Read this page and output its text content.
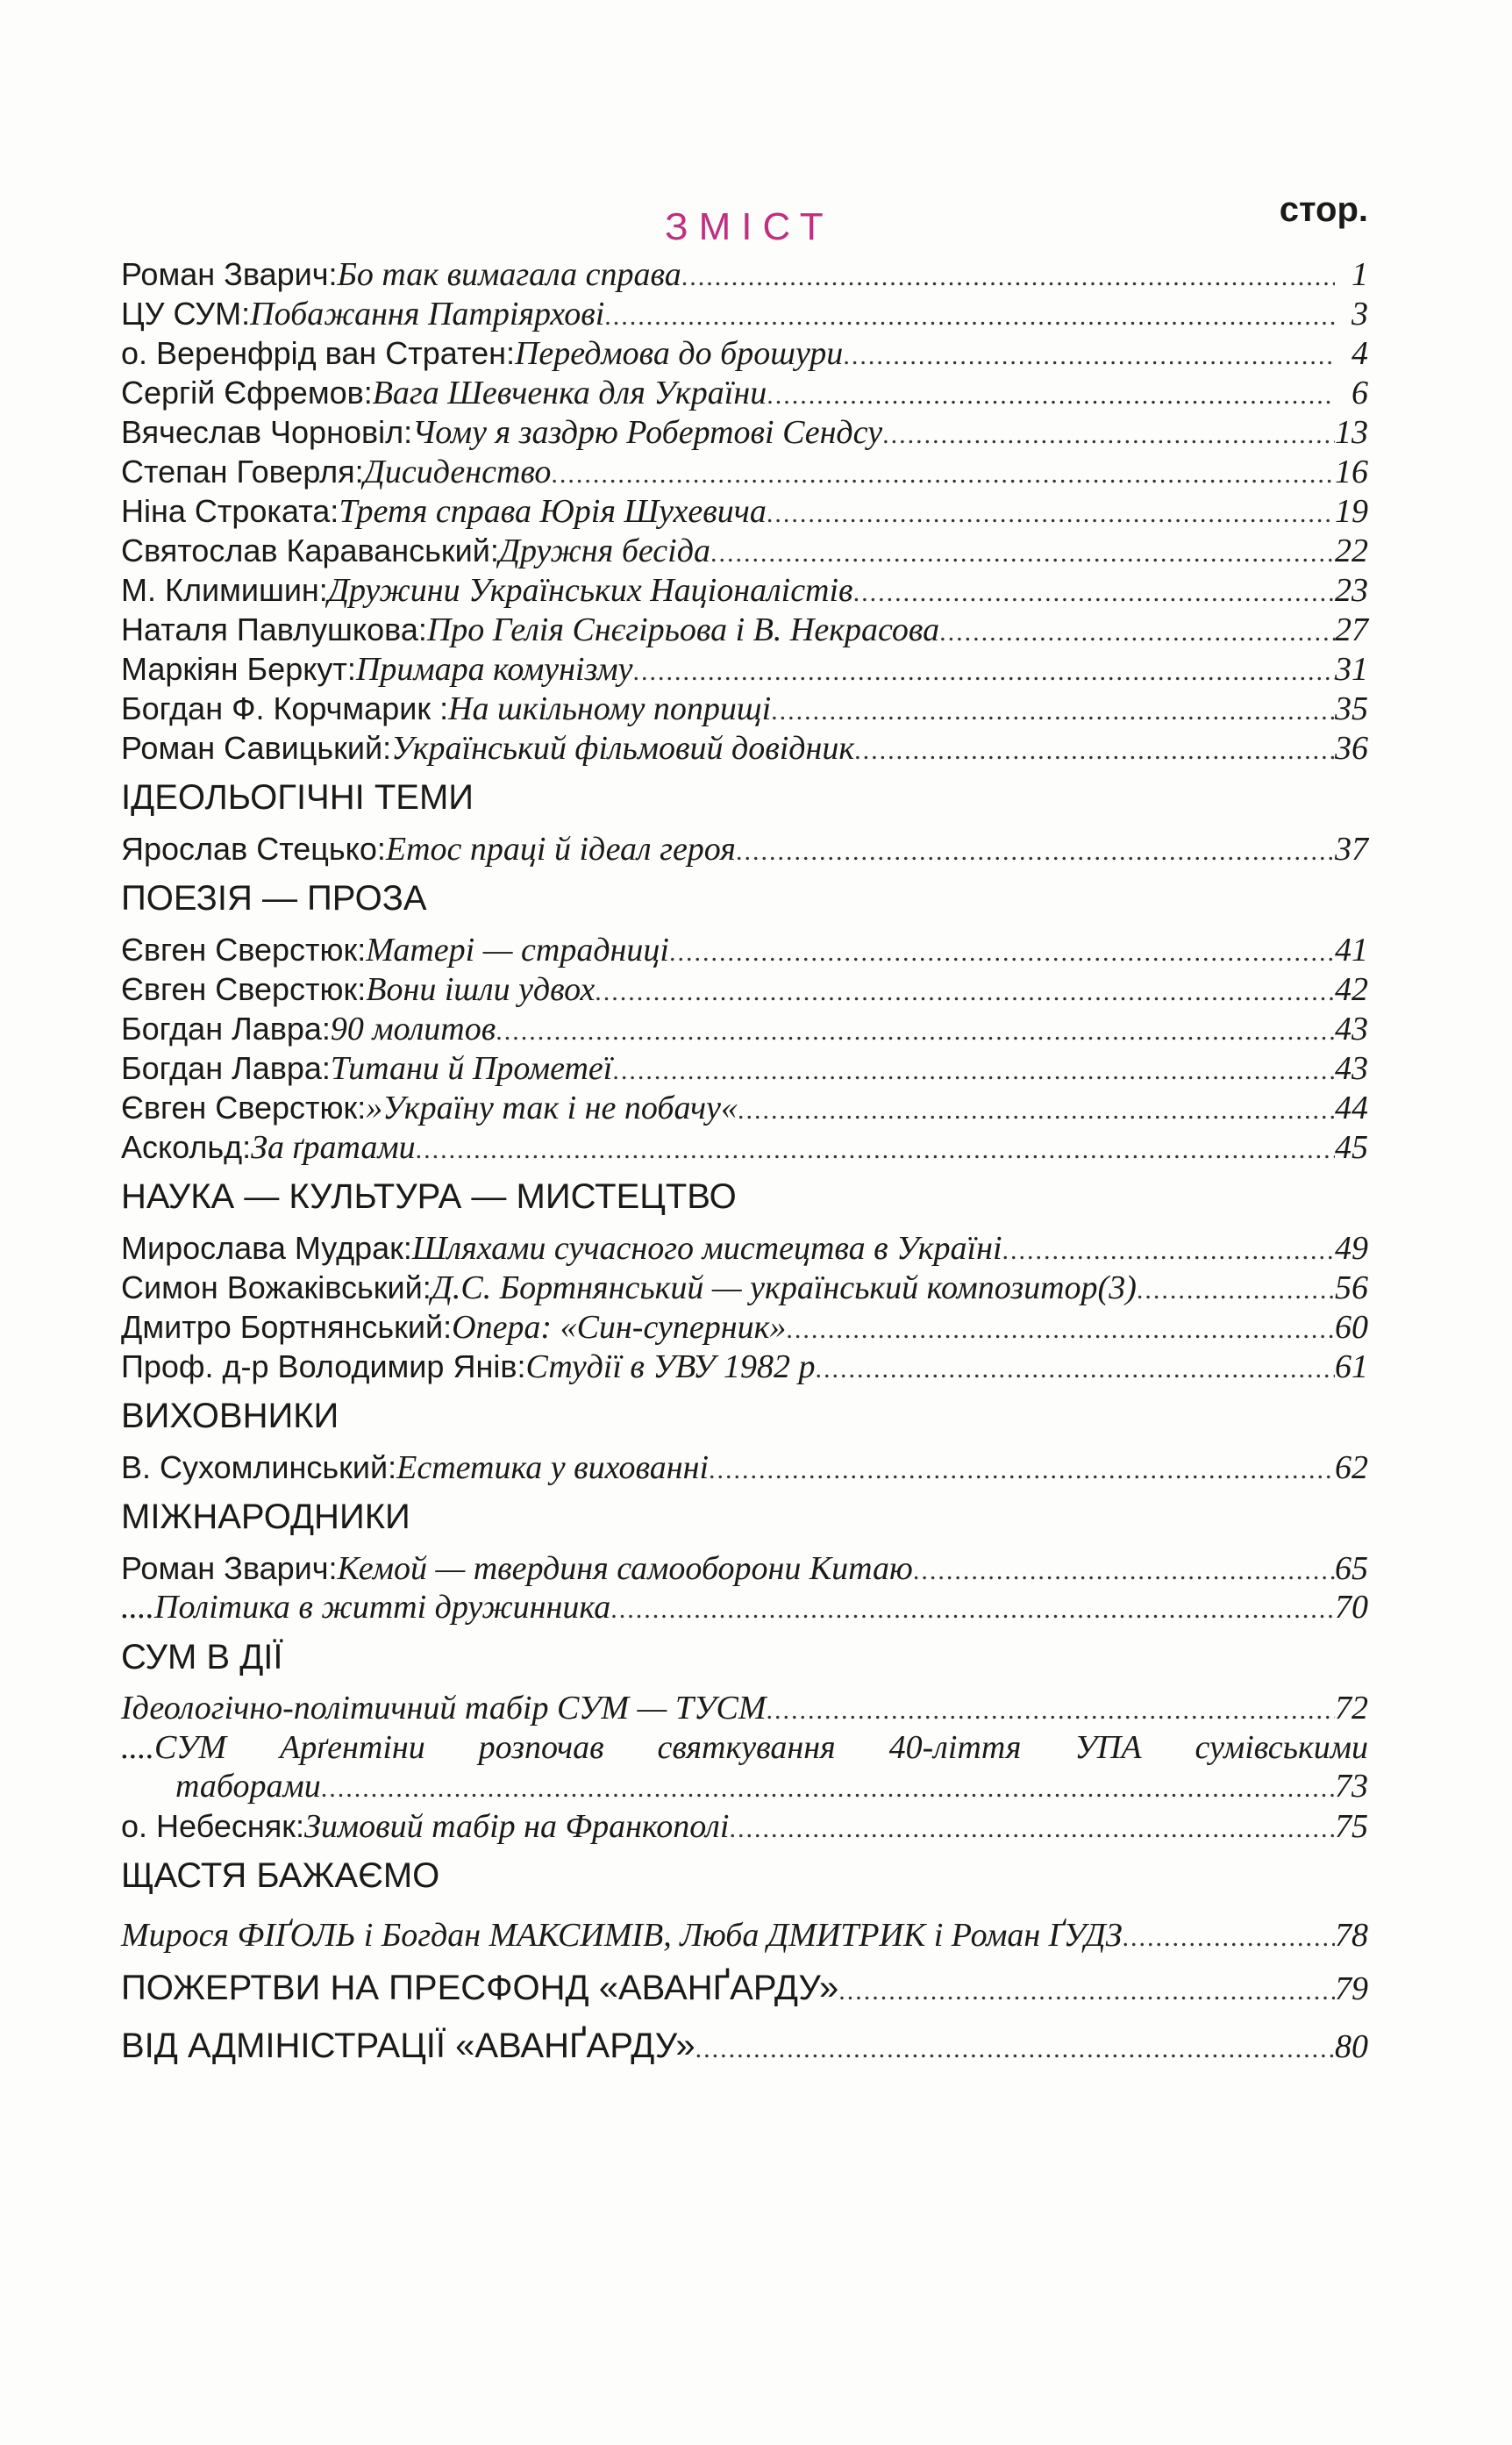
ЗМІСТ	стор.
Роман Зварич: Бо так вимагала справа .....	1
ЦУ СУМ: Побажання Патріярхові .....	3
о. Веренфрід ван Стратен: Передмова до брошури .....	4
Сергій Єфремов: Вага Шевченка для України .....	6
Вячеслав Чорновіл: Чому я заздрю Робертові Сендсу .....	13
Степан Говерля: Дисиденство .....	16
Ніна Строката: Третя справа Юрія Шухевича .....	19
Святослав Караванський: Дружня бесіда .....	22
М. Климишин: Дружини Українських Націоналістів .....	23
Наталя Павлушкова: Про Гелія Снєгірьова і В. Некрасова .....	27
Маркіян Беркут: Примара комунізму .....	31
Богдан Ф. Корчмарик : На шкільному поприщі .....	35
Роман Савицький: Український фільмовий довідник .....	36
ІДЕОЛЬОГІЧНІ ТЕМИ
Ярослав Стецько: Етос праці й ідеал героя .....	37
ПОЕЗІЯ — ПРОЗА
Євген Сверстюк: Матері — страдниці .....	41
Євген Сверстюк: Вони ішли удвох .....	42
Богдан Лавра: 90 молитов .....	43
Богдан Лавра: Титани й Прометеї .....	43
Євген Сверстюк: »Україну так і не побачу« .....	44
Аскольд: За ґратами .....	45
НАУКА — КУЛЬТУРА — МИСТЕЦТВО
Мирослава Мудрак: Шляхами сучасного мистецтва в Україні .....	49
Симон Вожаківський: Д.С. Бортнянський — український композитор(3) .....	56
Дмитро Бортнянський: Опера: «Син-суперник» .....	60
Проф. д-р Володимир Янів: Студії в УВУ 1982 р .....	61
ВИХОВНИКИ
В. Сухомлинський: Естетика у вихованні .....	62
МІЖНАРОДНИКИ
Роман Зварич: Кемой — твердиня самооборони Китаю .....	65
....Політика в житті дружинника .....	70
СУМ В ДІЇ
Ідеологічно-політичний табір СУМ — ТУСМ .....	72
....СУМ Арґентіни розпочав святкування 40-ліття УПА сумівськими
таборами .....	73
о. Небесняк: Зимовий табір на Франкополі .....	75
ЩАСТЯ БАЖАЄМО
Мирося ФІҐОЛЬ і Богдан МАКСИМІВ, Люба ДМИТРИК і Роман ҐУДЗ .....	78
ПОЖЕРТВИ НА ПРЕСФОНД «АВАНҐАРДУ» .....	79
ВІД АДМІНІСТРАЦІЇ «АВАНҐАРДУ» .....	80
